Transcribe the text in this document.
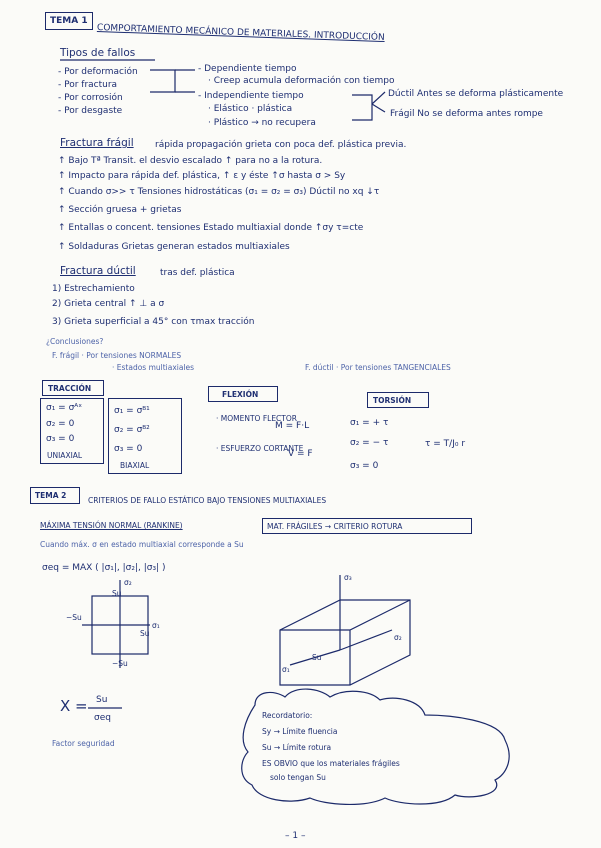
TEMA 1
COMPORTAMIENTO MECÁNICO DE MATERIALES. INTRODUCCIÓN
Tipos de fallos
- Por deformación
- Por fractura
- Por corrosión
- Por desgaste
- Dependiente tiempo
· Creep acumula deformación con tiempo
- Independiente tiempo
· Elástico · plástica
· Plástico → no recupera
Dúctil Antes se deforma plásticamente
Frágil No se deforma antes rompe
Fractura frágil rápida propagación grieta con poca def. plástica previa.
↑ Bajo Tª Transit. el desvio escalado ↑ para no a la rotura.
↑ Impacto para rápida def. plástica, ↑ ε y éste ↑σ hasta σ > Sy
↑ Cuando σ>> τ Tensiones hidrostáticas (σ₁ = σ₂ = σ₃) Dúctil no xq ↓τ
↑ Sección gruesa + grietas
↑ Entallas o concent. tensiones Estado multiaxial donde ↑σy τ=cte
↑ Soldaduras Grietas generan estados multiaxiales
Fractura dúctil	tras def. plástica
1) Estrechamiento
2) Grieta central ↑ ⊥ a σ
3) Grieta superficial a 45° con τmax tracción
¿Conclusiones?
F. frágil · Por tensiones NORMALES
· Estados multiaxiales	F. dúctil · Por tensiones TANGENCIALES
TRACCIÓN
σ₁ = σᴬˣ
σ₂ = 0
σ₃ = 0
UNIAXIAL
σ₁ = σᴮ¹
σ₂ = σᴮ²
σ₃ = 0
BIAXIAL
FLEXIÓN
· MOMENTO FLECTOR
M = F·L
· ESFUERZO CORTANTE
V = F
TORSIÓN
σ₁ = + τ
σ₂ = − τ
σ₃ = 0
τ = T/J₀ r
TEMA 2
CRITERIOS DE FALLO ESTÁTICO BAJO TENSIONES MULTIAXIALES
MÁXIMA TENSIÓN NORMAL (RANKINE)	MAT. FRÁGILES → CRITERIO ROTURA
Cuando máx. σ en estado multiaxial corresponde a Su
σeq = MAX ( |σ₁|, |σ₂|, |σ₃| )
σ₂
σ₁
Su
−Su
Su
−Su
σ₃
σ₂
σ₁
Su
X = Su
σeq
Factor seguridad
Recordatorio:
Sy → Límite fluencia
Su → Límite rotura
ES OBVIO que los materiales frágiles
solo tengan Su
– 1 –
